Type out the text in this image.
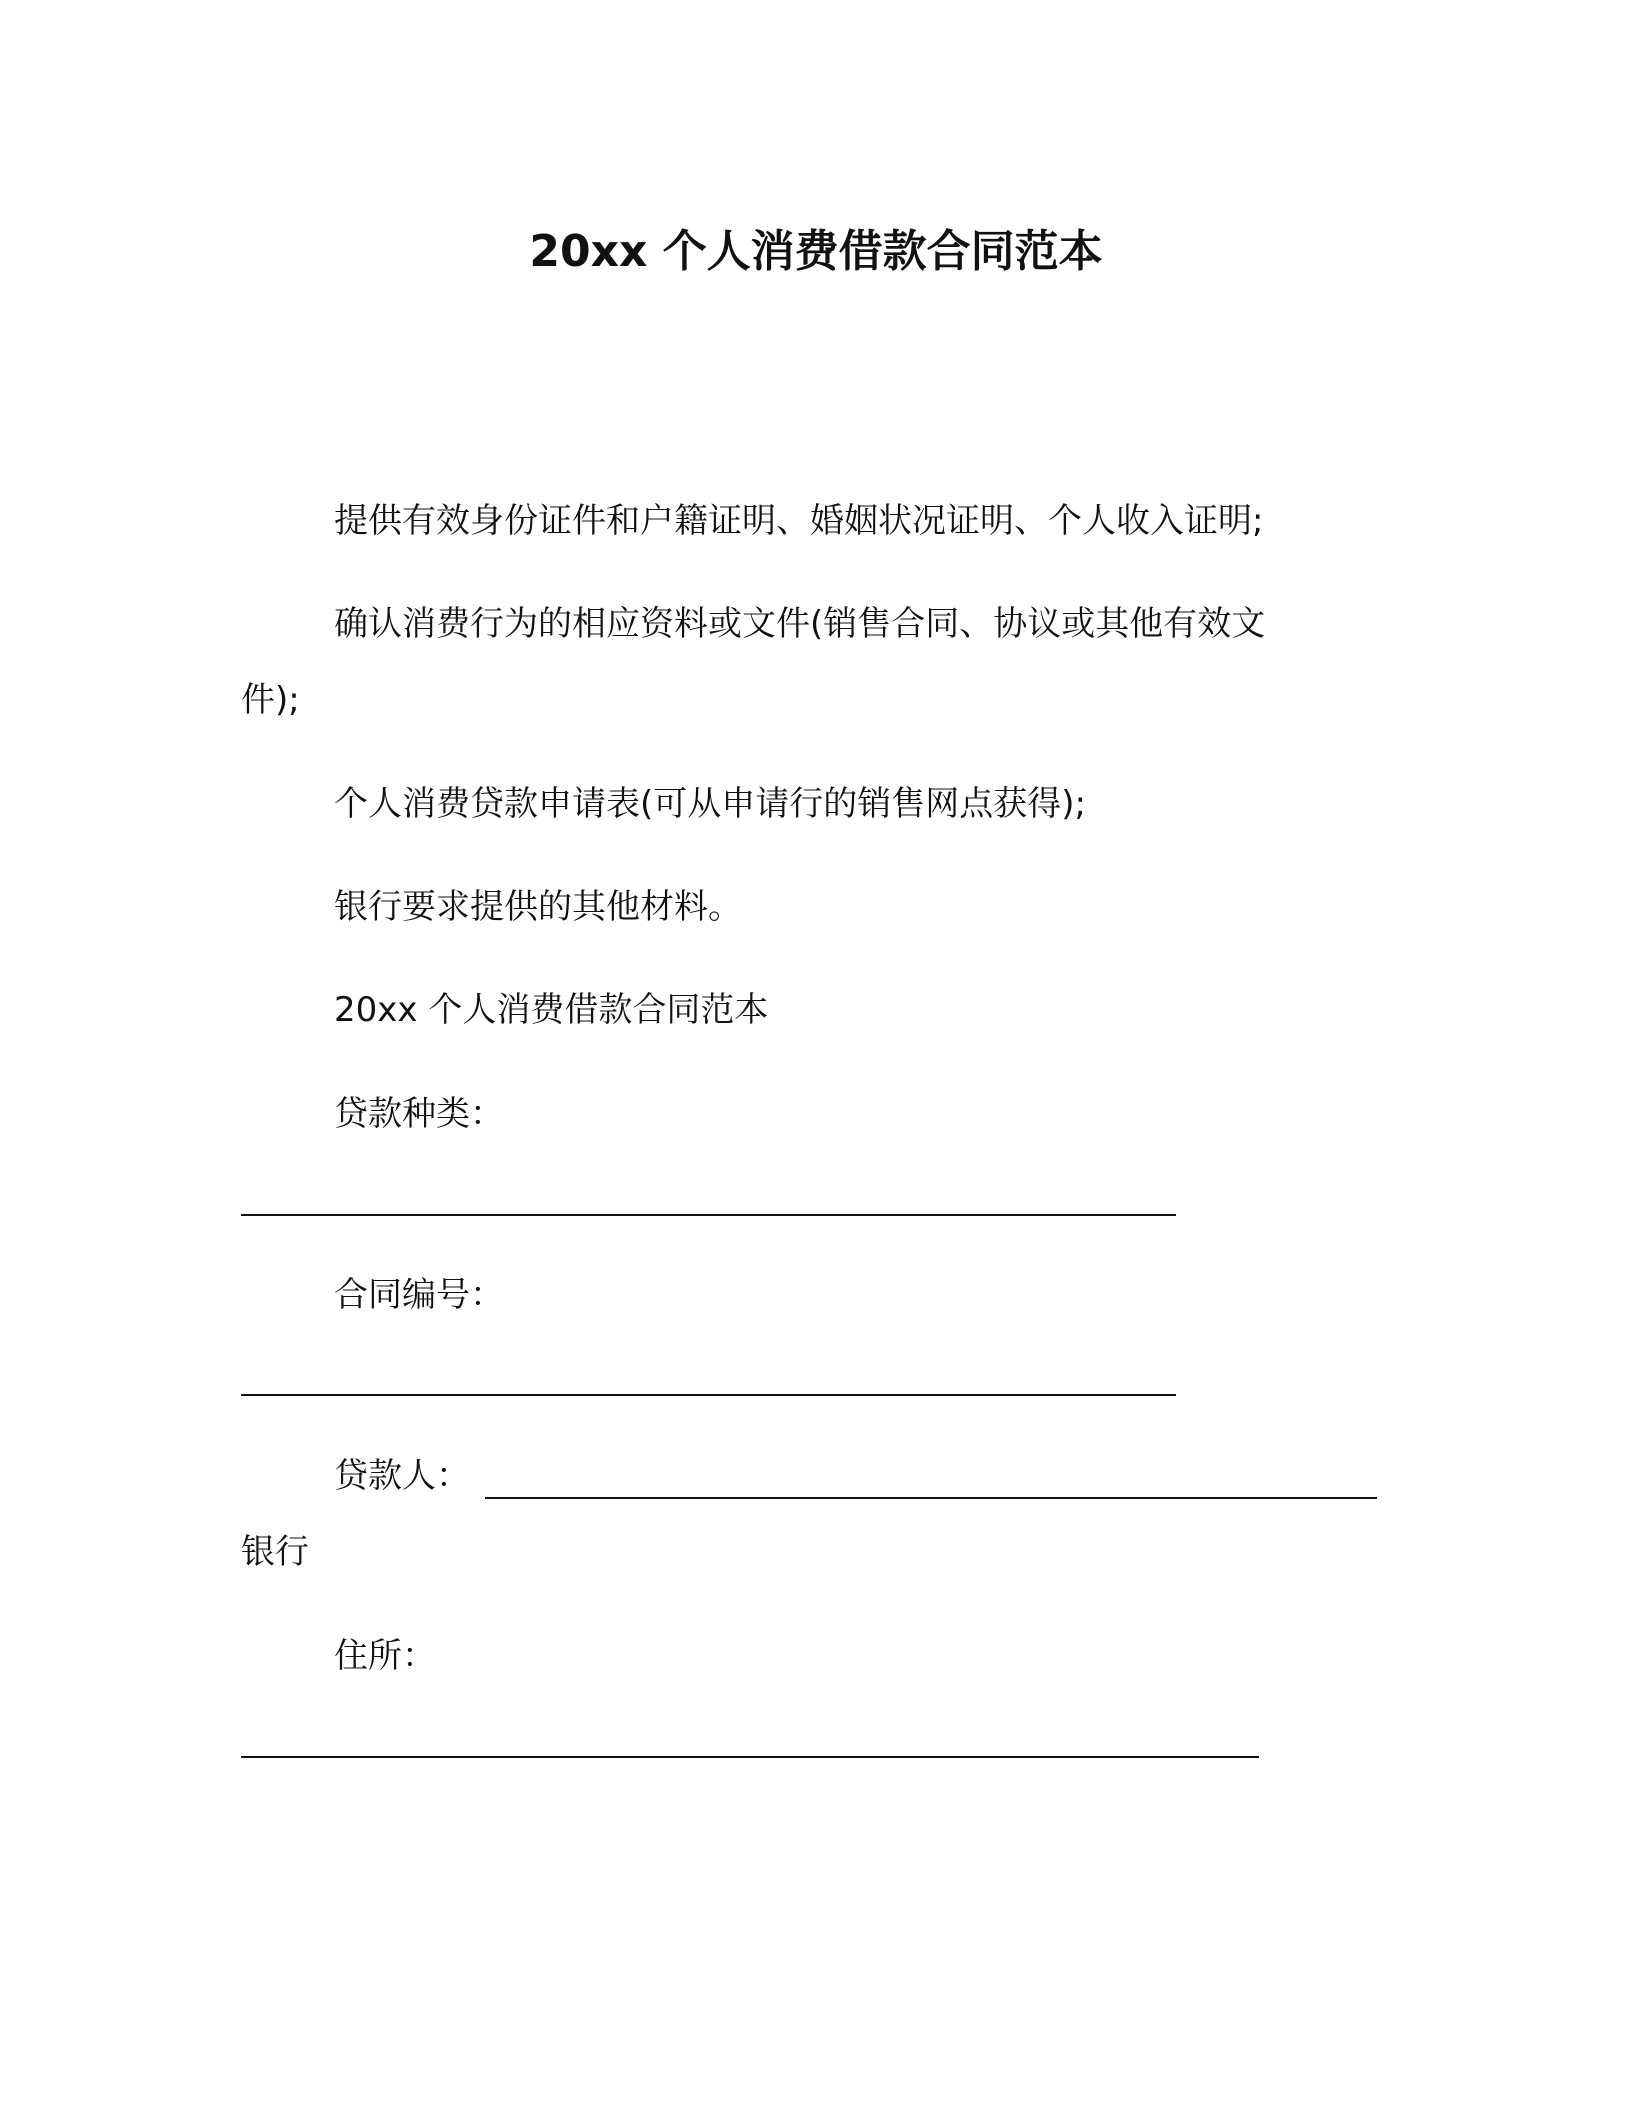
20xx 个人消费借款合同范本
提供有效身份证件和户籍证明、婚姻状况证明、个人收入证明;
确认消费行为的相应资料或文件(销售合同、协议或其他有效文
件);
个人消费贷款申请表(可从申请行的销售网点获得);
银行要求提供的其他材料。
20xx 个人消费借款合同范本
贷款种类：
合同编号：
贷款人：
银行
住所：
